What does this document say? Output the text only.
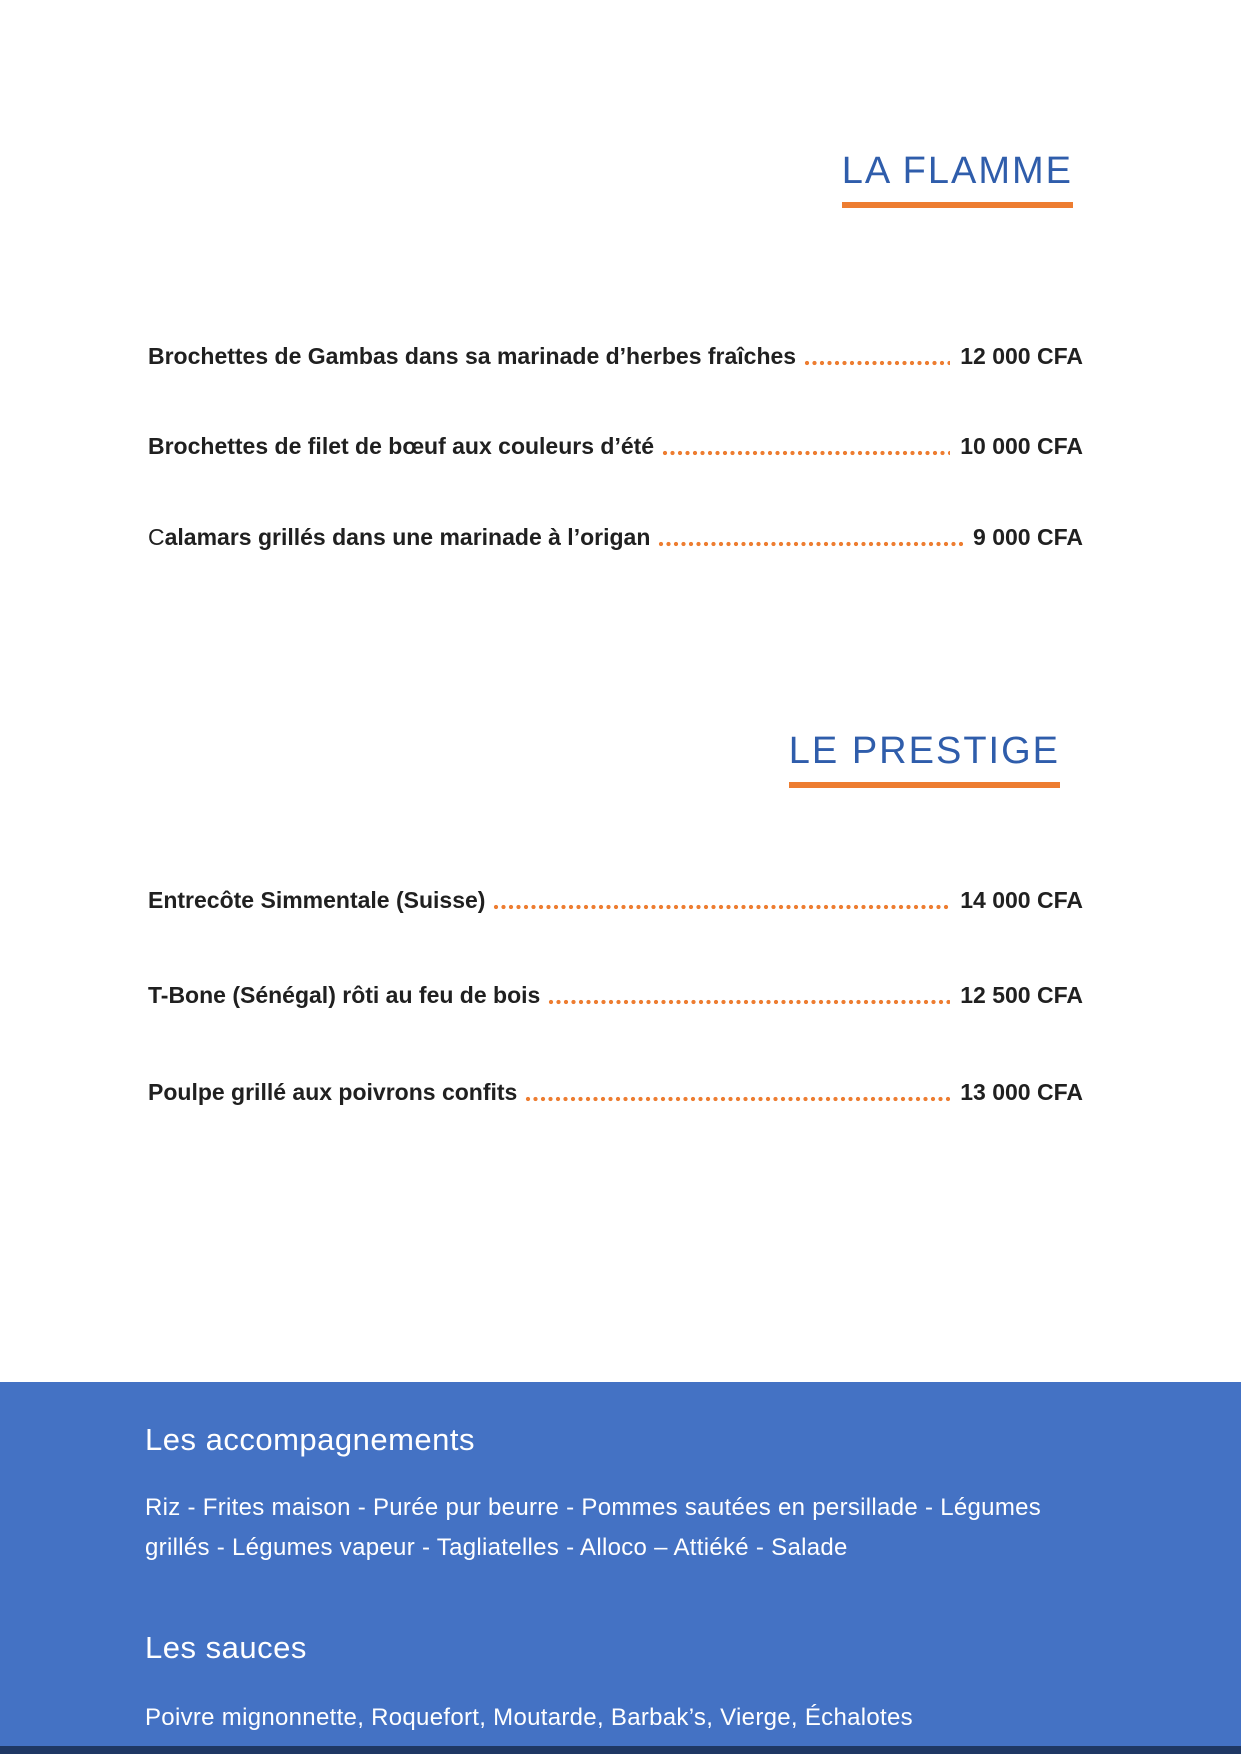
LA FLAMME
Brochettes de Gambas dans sa marinade d’herbes fraîches	12 000 CFA
Brochettes de filet de bœuf aux couleurs d’été	10 000 CFA
Calamars grillés dans une marinade à l’origan	9 000 CFA
LE PRESTIGE
Entrecôte Simmentale (Suisse)	14 000 CFA
T-Bone (Sénégal) rôti au feu de bois	12 500 CFA
Poulpe grillé aux poivrons confits	13 000 CFA
Les accompagnements
Riz - Frites maison - Purée pur beurre - Pommes sautées en persillade - Légumes grillés - Légumes vapeur - Tagliatelles - Alloco – Attiéké - Salade
Les sauces
Poivre mignonnette, Roquefort, Moutarde, Barbak’s, Vierge, Échalotes
